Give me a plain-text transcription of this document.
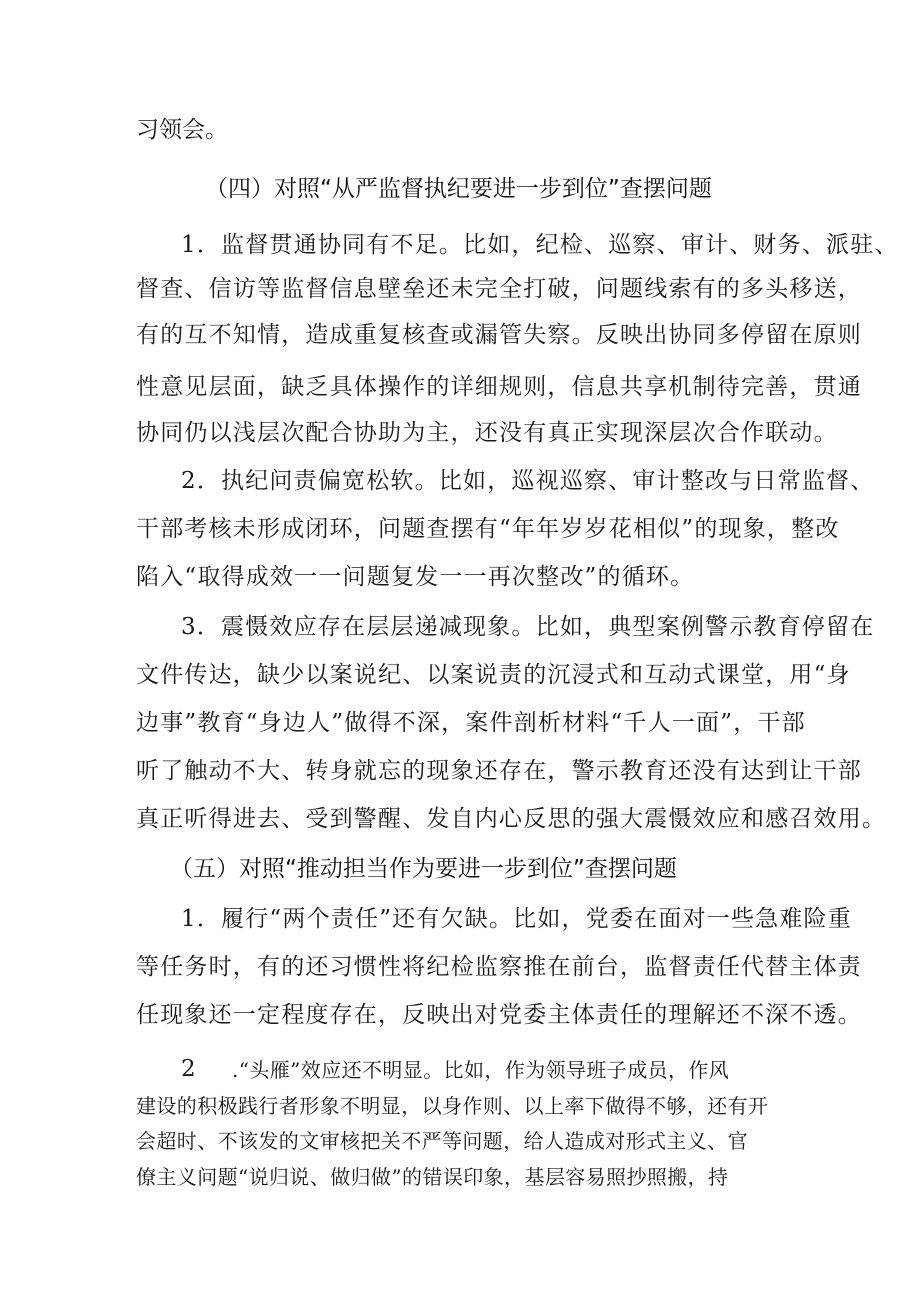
习领会。
（四）对照“从严监督执纪要进一步到位”查摆问题
1．监督贯通协同有不足。比如，纪检、巡察、审计、财务、派驻、
督查、信访等监督信息壁垒还未完全打破，问题线索有的多头移送，
有的互不知情，造成重复核查或漏管失察。反映出协同多停留在原则
性意见层面，缺乏具体操作的详细规则，信息共享机制待完善，贯通
协同仍以浅层次配合协助为主，还没有真正实现深层次合作联动。
2．执纪问责偏宽松软。比如，巡视巡察、审计整改与日常监督、
干部考核未形成闭环，问题查摆有“年年岁岁花相似”的现象，整改
陷入“取得成效一一问题复发一一再次整改”的循环。
3．震慑效应存在层层递减现象。比如，典型案例警示教育停留在
文件传达，缺少以案说纪、以案说责的沉浸式和互动式课堂，用“身
边事”教育“身边人”做得不深，案件剖析材料“千人一面”，干部
听了触动不大、转身就忘的现象还存在，警示教育还没有达到让干部
真正听得进去、受到警醒、发自内心反思的强大震慑效应和感召效用。
（五）对照“推动担当作为要进一步到位”查摆问题
1．履行“两个责任”还有欠缺。比如，党委在面对一些急难险重
等任务时，有的还习惯性将纪检监察推在前台，监督责任代替主体责
任现象还一定程度存在，反映出对党委主体责任的理解还不深不透。
2 .“头雁”效应还不明显。比如，作为领导班子成员，作风
建设的积极践行者形象不明显，以身作则、以上率下做得不够，还有开
会超时、不该发的文审核把关不严等问题，给人造成对形式主义、官
僚主义问题“说归说、做归做”的错误印象，基层容易照抄照搬，持
